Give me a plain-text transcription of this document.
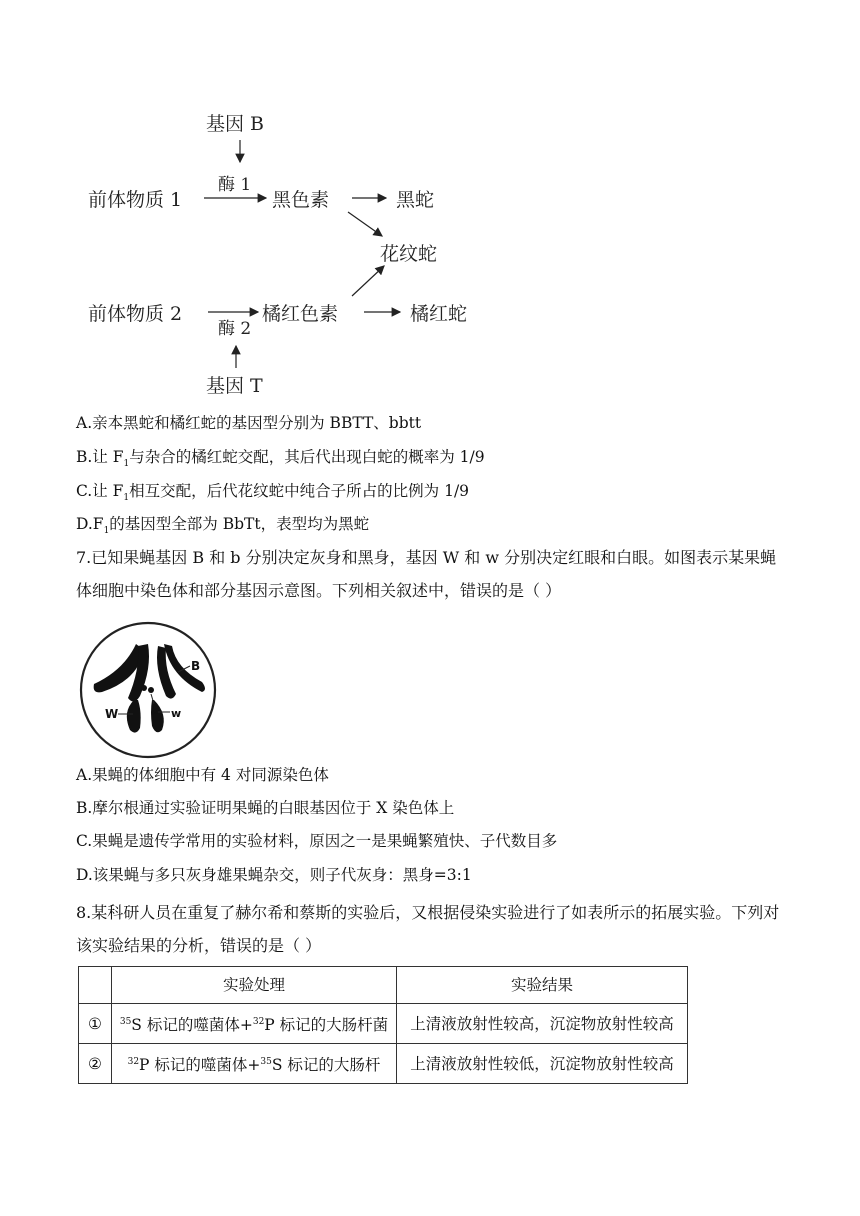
基因 B
酶 1
前体物质 1	黑色素	黑蛇
花纹蛇
前体物质 2	橘红色素	橘红蛇
酶 2
基因 T
A.亲本黑蛇和橘红蛇的基因型分别为 BBTT、bbtt
B.让 $F_1$与杂合的橘红蛇交配，其后代出现白蛇的概率为 1/9
C.让 $F_1$相互交配，后代花纹蛇中纯合子所占的比例为 1/9
$D.F_1$的基因型全部为 BbTt，表型均为黑蛇
7.已知果蝇基因 B 和 b 分别决定灰身和黑身，基因 W 和 w 分别决定红眼和白眼。如图表示某果蝇体细胞中染色体和部分基因示意图。下列相关叙述中，错误的是（ ）
B
b
W	w
A.果蝇的体细胞中有 4 对同源染色体
B.摩尔根通过实验证明果蝇的白眼基因位于 X 染色体上
C.果蝇是遗传学常用的实验材料，原因之一是果蝇繁殖快、子代数目多
D.该果蝇与多只灰身雄果蝇杂交，则子代灰身：黑身=3:1
8.某科研人员在重复了赫尔希和蔡斯的实验后，又根据侵染实验进行了如表所示的拓展实验。下列对该实验结果的分析，错误的是（ ）
	实验处理	实验结果
①	$^{35}$S 标记的噬菌体+$^{32}$P 标记的大肠杆菌	上清液放射性较高，沉淀物放射性较高
②	$^{32}$P 标记的噬菌体+$^{35}$S 标记的大肠杆	上清液放射性较低，沉淀物放射性较高
